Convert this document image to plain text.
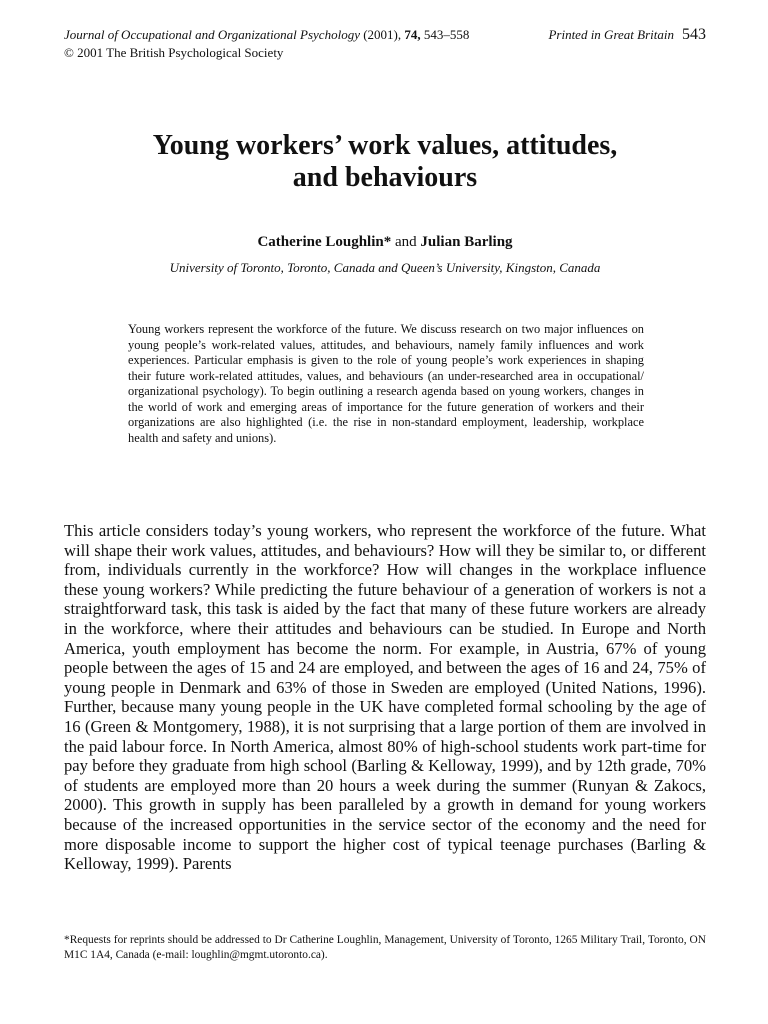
Journal of Occupational and Organizational Psychology (2001), 74, 543–558	Printed in Great Britain 543
© 2001 The British Psychological Society
Young workers’ work values, attitudes,
and behaviours
Catherine Loughlin* and Julian Barling
University of Toronto, Toronto, Canada and Queen’s University, Kingston, Canada
Young workers represent the workforce of the future. We discuss research on two major influences on young people’s work-related values, attitudes, and behaviours, namely family influences and work experiences. Particular emphasis is given to the role of young people’s work experiences in shaping their future work-related attitudes, values, and behaviours (an under-researched area in occupational/ organizational psychology). To begin outlining a research agenda based on young workers, changes in the world of work and emerging areas of importance for the future generation of workers and their organizations are also highlighted (i.e. the rise in non-standard employment, leadership, workplace health and safety and unions).

This article considers today’s young workers, who represent the workforce of the future. What will shape their work values, attitudes, and behaviours? How will they be similar to, or different from, individuals currently in the workforce? How will changes in the workplace influence these young workers? While predicting the future behaviour of a generation of workers is not a straightforward task, this task is aided by the fact that many of these future workers are already in the workforce, where their attitudes and behaviours can be studied. In Europe and North America, youth employment has become the norm. For example, in Austria, 67% of young people between the ages of 15 and 24 are employed, and between the ages of 16 and 24, 75% of young people in Denmark and 63% of those in Sweden are employed (United Nations, 1996). Further, because many young people in the UK have completed formal schooling by the age of 16 (Green & Montgomery, 1988), it is not surprising that a large portion of them are involved in the paid labour force. In North America, almost 80% of high-school students work part-time for pay before they graduate from high school (Barling & Kelloway, 1999), and by 12th grade, 70% of students are employed more than 20 hours a week during the summer (Runyan & Zakocs, 2000). This growth in supply has been paralleled by a growth in demand for young workers because of the increased opportunities in the service sector of the economy and the need for more disposable income to support the higher cost of typical teenage purchases (Barling & Kelloway, 1999). Parents

*Requests for reprints should be addressed to Dr Catherine Loughlin, Management, University of Toronto, 1265 Military Trail, Toronto, ON M1C 1A4, Canada (e-mail: loughlin@mgmt.utoronto.ca).
